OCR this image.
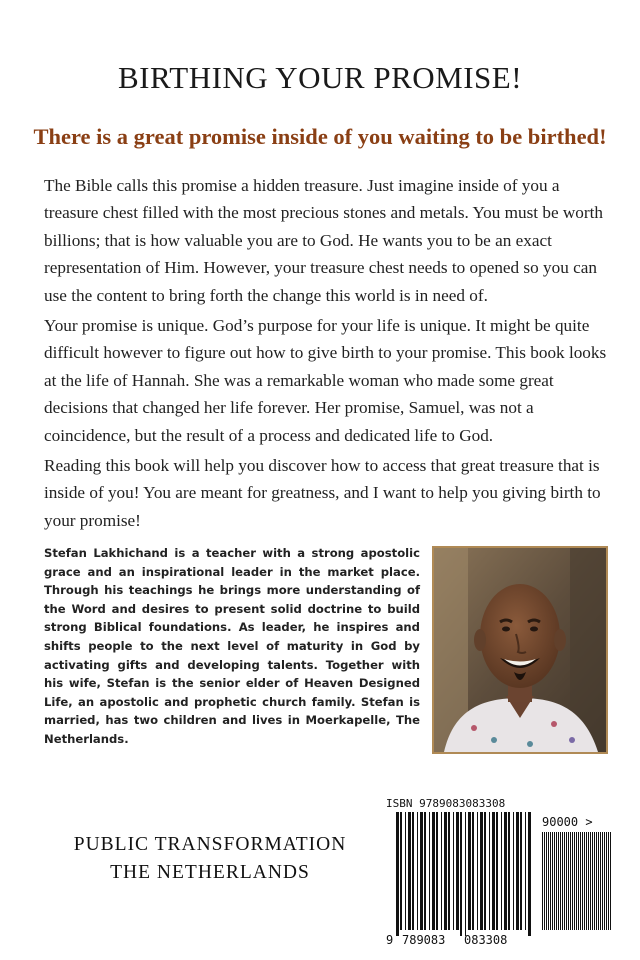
BIRTHING YOUR PROMISE!
There is a great promise inside of you waiting to be birthed!

The Bible calls this promise a hidden treasure. Just imagine inside of you a treasure chest filled with the most precious stones and metals. You must be worth billions; that is how valuable you are to God. He wants you to be an exact representation of Him. However, your treasure chest needs to opened so you can use the content to bring forth the change this world is in need of.

Your promise is unique. God’s purpose for your life is unique. It might be quite difficult however to figure out how to give birth to your promise. This book looks at the life of Hannah. She was a remarkable woman who made some great decisions that changed her life forever. Her promise, Samuel, was not a coincidence, but the result of a process and dedicated life to God.

Reading this book will help you discover how to access that great treasure that is inside of you! You are meant for greatness, and I want to help you giving birth to your promise!

Stefan Lakhichand is a teacher with a strong apostolic grace and an inspirational leader in the market place. Through his teachings he brings more understanding of the Word and desires to present solid doctrine to build strong Biblical foundations. As leader, he inspires and shifts people to the next level of maturity in God by activating gifts and developing talents. Together with his wife, Stefan is the senior elder of Heaven Designed Life, an apostolic and prophetic church family. Stefan is married, has two children and lives in Moerkapelle, The Netherlands.

PUBLIC TRANSFORMATION

THE NETHERLANDS

ISBN 9789083083308
90000 >
9 789083 083308
